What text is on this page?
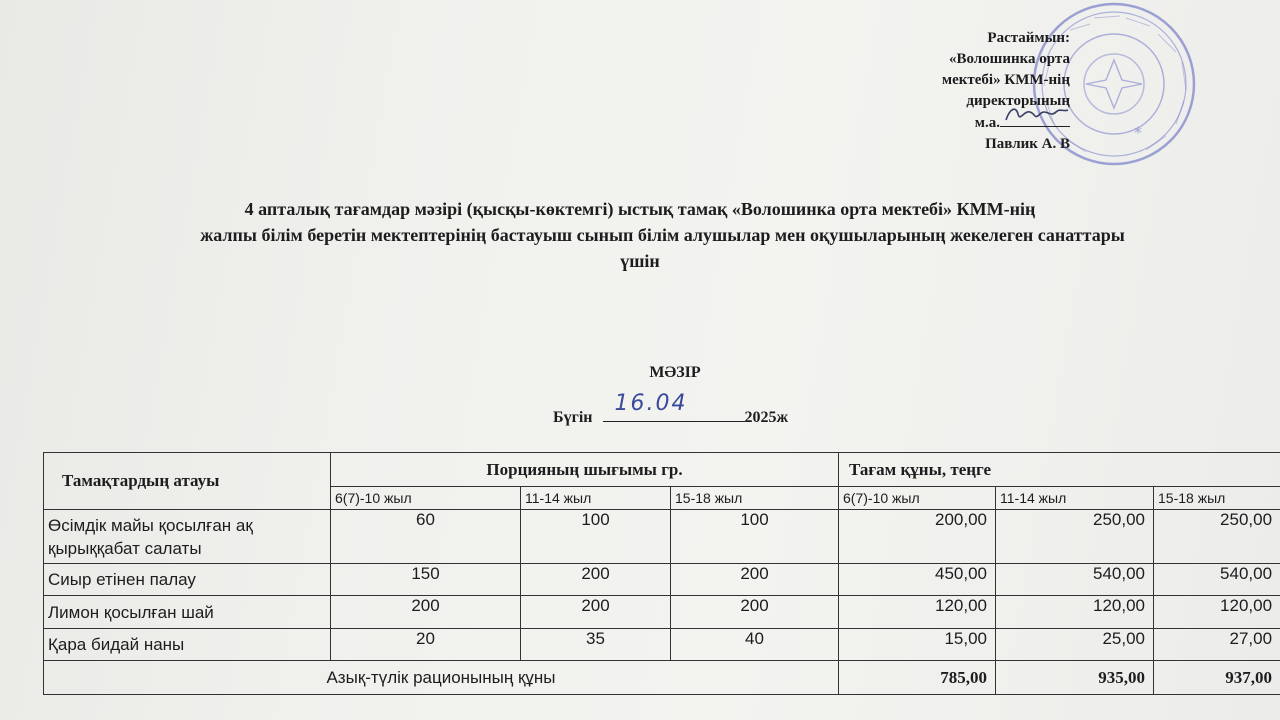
*
Растаймын:
«Волошинка орта
мектебі» КММ-нің
директорының
м.а.
Павлик А. В
4 апталық тағамдар мәзірі (қысқы-көктемгі) ыстық тамақ «Волошинка орта мектебі» КММ-нің
жалпы білім беретін мектептерінің бастауыш сынып білім алушылар мен оқушыларының жекелеген санаттары
үшін
МӘЗІР
Бүгін
16.04
2025ж
Тамақтардың атауы	Порцияның шығымы гр.			Тағам құны, теңге		
	6(7)-10 жыл	11-14 жыл	15-18 жыл	6(7)-10 жыл	11-14 жыл	15-18 жыл
Өсімдік майы қосылған ақ қырыққабат салаты	60	100	100	200,00	250,00	250,00
Сиыр етінен палау	150	200	200	450,00	540,00	540,00
Лимон қосылған шай	200	200	200	120,00	120,00	120,00
Қара бидай наны	20	35	40	15,00	25,00	27,00
Азық-түлік рационының құны				785,00	935,00	937,00
